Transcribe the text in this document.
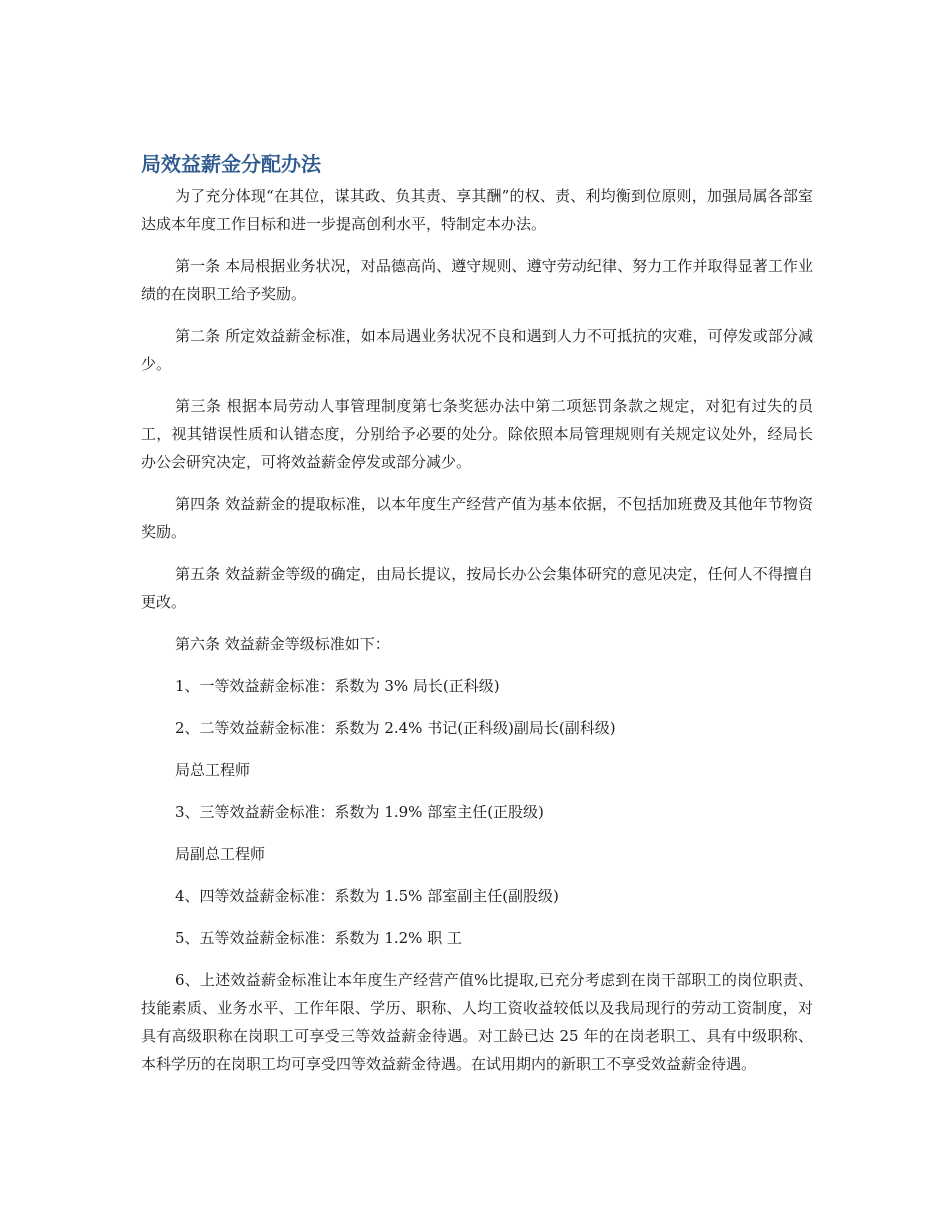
局效益薪金分配办法

为了充分体现“在其位，谋其政、负其责、享其酬”的权、责、利均衡到位原则，加强局属各部室达成本年度工作目标和进一步提高创利水平，特制定本办法。

第一条 本局根据业务状况，对品德高尚、遵守规则、遵守劳动纪律、努力工作并取得显著工作业绩的在岗职工给予奖励。

第二条 所定效益薪金标准，如本局遇业务状况不良和遇到人力不可抵抗的灾难，可停发或部分减少。

第三条 根据本局劳动人事管理制度第七条奖惩办法中第二项惩罚条款之规定，对犯有过失的员工，视其错误性质和认错态度，分别给予必要的处分。除依照本局管理规则有关规定议处外，经局长办公会研究决定，可将效益薪金停发或部分减少。

第四条 效益薪金的提取标准，以本年度生产经营产值为基本依据，不包括加班费及其他年节物资奖励。

第五条 效益薪金等级的确定，由局长提议，按局长办公会集体研究的意见决定，任何人不得擅自更改。

第六条 效益薪金等级标准如下：

1、一等效益薪金标准：系数为 3% 局长(正科级)

2、二等效益薪金标准：系数为 2.4% 书记(正科级)副局长(副科级)

局总工程师

3、三等效益薪金标准：系数为 1.9% 部室主任(正股级)

局副总工程师

4、四等效益薪金标准：系数为 1.5% 部室副主任(副股级)

5、五等效益薪金标准：系数为 1.2% 职 工

6、上述效益薪金标准让本年度生产经营产值%比提取,已充分考虑到在岗干部职工的岗位职责、技能素质、业务水平、工作年限、学历、职称、人均工资收益较低以及我局现行的劳动工资制度，对具有高级职称在岗职工可享受三等效益薪金待遇。对工龄已达 25 年的在岗老职工、具有中级职称、本科学历的在岗职工均可享受四等效益薪金待遇。在试用期内的新职工不享受效益薪金待遇。
